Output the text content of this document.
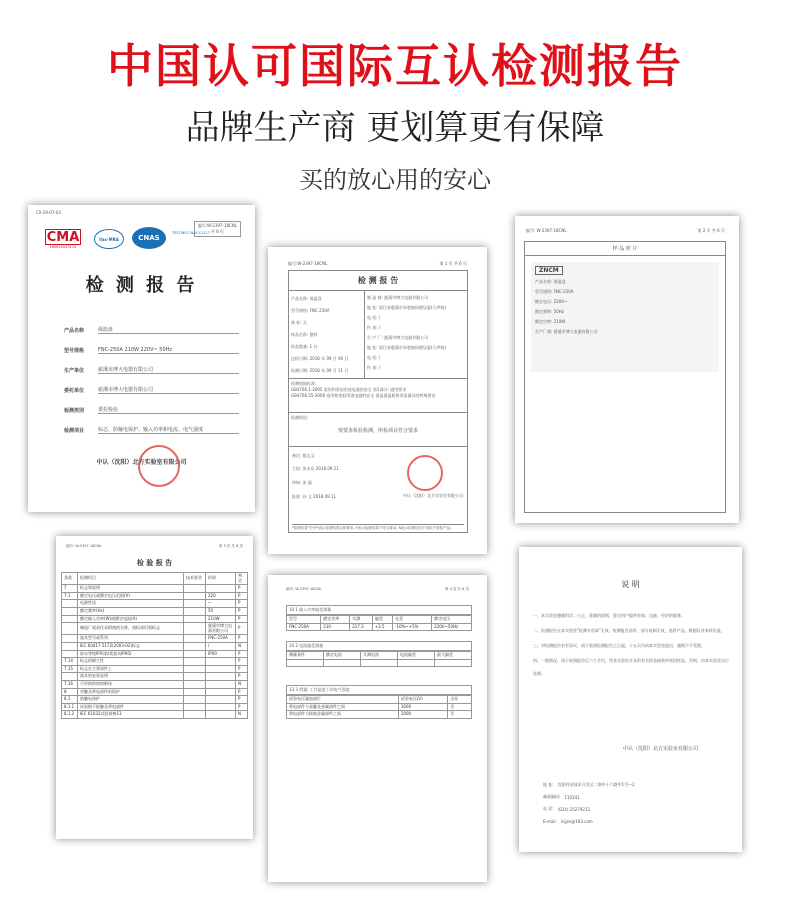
中国认可国际互认检测报告
品牌生产商 更划算更有保障
买的放心用的安心
CX-29-07-03
编号:W-2397-18CNL
共 6 页
CMA
160620043114
ilac-MRA	CNAS
TESTING CNAS L2227
检 测 报 告
产品名称	保温盘
型号规格	FNC-250A 210W 220V~ 50Hz
生产单位	慈溪市博大电器有限公司
委托单位	慈溪市博大电器有限公司
检测类别	委托检验
检测项目	标志、防触电保护、输入功率和电流、电气强度
中认（沈阳）北方实验室有限公司
编号:W-2397-18CNL	第 1 页 共 6 页
检 测 报 告
产品名称: 保温盘
型号规格: FNC-250A
商 标: 无
样品名称: 整样
样品数量: 1 台
送样日期: 2018 年 09 月 06 日
检测日期: 2018 年 09 月 11 日
制 造 商: 慈溪市博大电器有限公司
地 址: 浙江省慈溪市周巷镇同德居委(九甲路)
电 话: /
传 真: /
生 产 厂: 慈溪市博大电器有限公司
地 址: 浙江省慈溪市周巷镇同德居委(九甲路)
电 话: /
传 真: /
检测依据标准:
GB4706.1-2005 家用和类似用途电器的安全 第1部分: 通用要求
GB4706.55-2008 家用和类似用途电器的安全 保温保温板和类似器具的特殊要求
检测结论:
按要求检验检测，所检项目符合要求
备注: 限志文
主检: 张永东 2018.09.11
审核: 张 磊
批准: 孙 文 2018.09.11	中认（沈阳）北方实验室有限公司
*检测结果"栏中P表示检测结果合格要求; F表示检测结果不符合要求; N表示检测项目不适用于被检产品。
编号: W-2397-18CNL	第 2 页 共 6 页
样 品 照 片
ZNCM
产品名称: 保温盘
型号规格: FNC-250A
额定电压: 220V~
额定频率: 50Hz
额定功率: 210W
生产厂商: 慈溪市博大电器有限公司
编号: W-2397-18CNL	第 3 页 共 6 页
检 验 报 告
条款	检测项目	技术要求	结果	判定
7	标志和说明			P
7.1	额定电压或额定电压范围(V)		220	P
	电源性质		~	P
	额定频率(Hz)		50	P
	额定输入功率(W)或额定电流(A)		210W	P
	制造厂或责任承销商的名称、商标或识别标志		慈溪市博大电器有限公司	P
	器具型号或系列		FNC-250A	P
	IEC 60417-5172(2003-02)标志		/	N
	防水等级IPX(第I类器具IPX0)		IPX0	P
7.14	标志的耐久性			P
7.15	标志在主要部件上			P
	器具的安装说明			P
7.16	可更换的热熔断体			N
8	对触及带电部件的防护			P
8.1	防触电保护			P
8.1.1	试验指不能触及带电部件			P
8.1.2	IEC 61032试验探棒13			N
编号: W-2397-18CNL	第 4 页 共 6 页
10.1 输入功率偏差测量
型号	额定功率	实测	偏差	允差	额定电压
FNC-250A	210	217.3	+3.5	-10%~+5%	220V~50Hz
10.2 电流偏差测量
测量条件	额定电流	实测电流	电流偏差	最大偏差

13.3 泄漏: 工作温度下的电气强度
试验电压施加部位	试验电压(V)	击穿
带电部件与易触及金属部件之间	1000	否
带电部件与接地金属部件之间	1000	否
说 明
一、本实验室遵循科学、公正、准确的原则，愿为用户提供有效、迅速、经济的服务。
二、检测报告无本实验室"检测专用章"无效。检测报告涂改、部分复制无效，选样产品，数据仅对来样负责。
三、对检测报告若有异议，请于收到检测报告之日起，十五天内向本实验室提出，逾期不予受理。
四、一般情况，请于收到报告后六个月内，凭本实验室开具的有关样品接收单领回样品，否则，由本实验室自行处理。
中认（沈阳）北方实验室有限公司
地 址: 沈阳经济技术开发区二期中十六路甲1号—2
邮政编码: 110141
电 话: (024) 25279212
E-mail: lnjjzx@163.com
